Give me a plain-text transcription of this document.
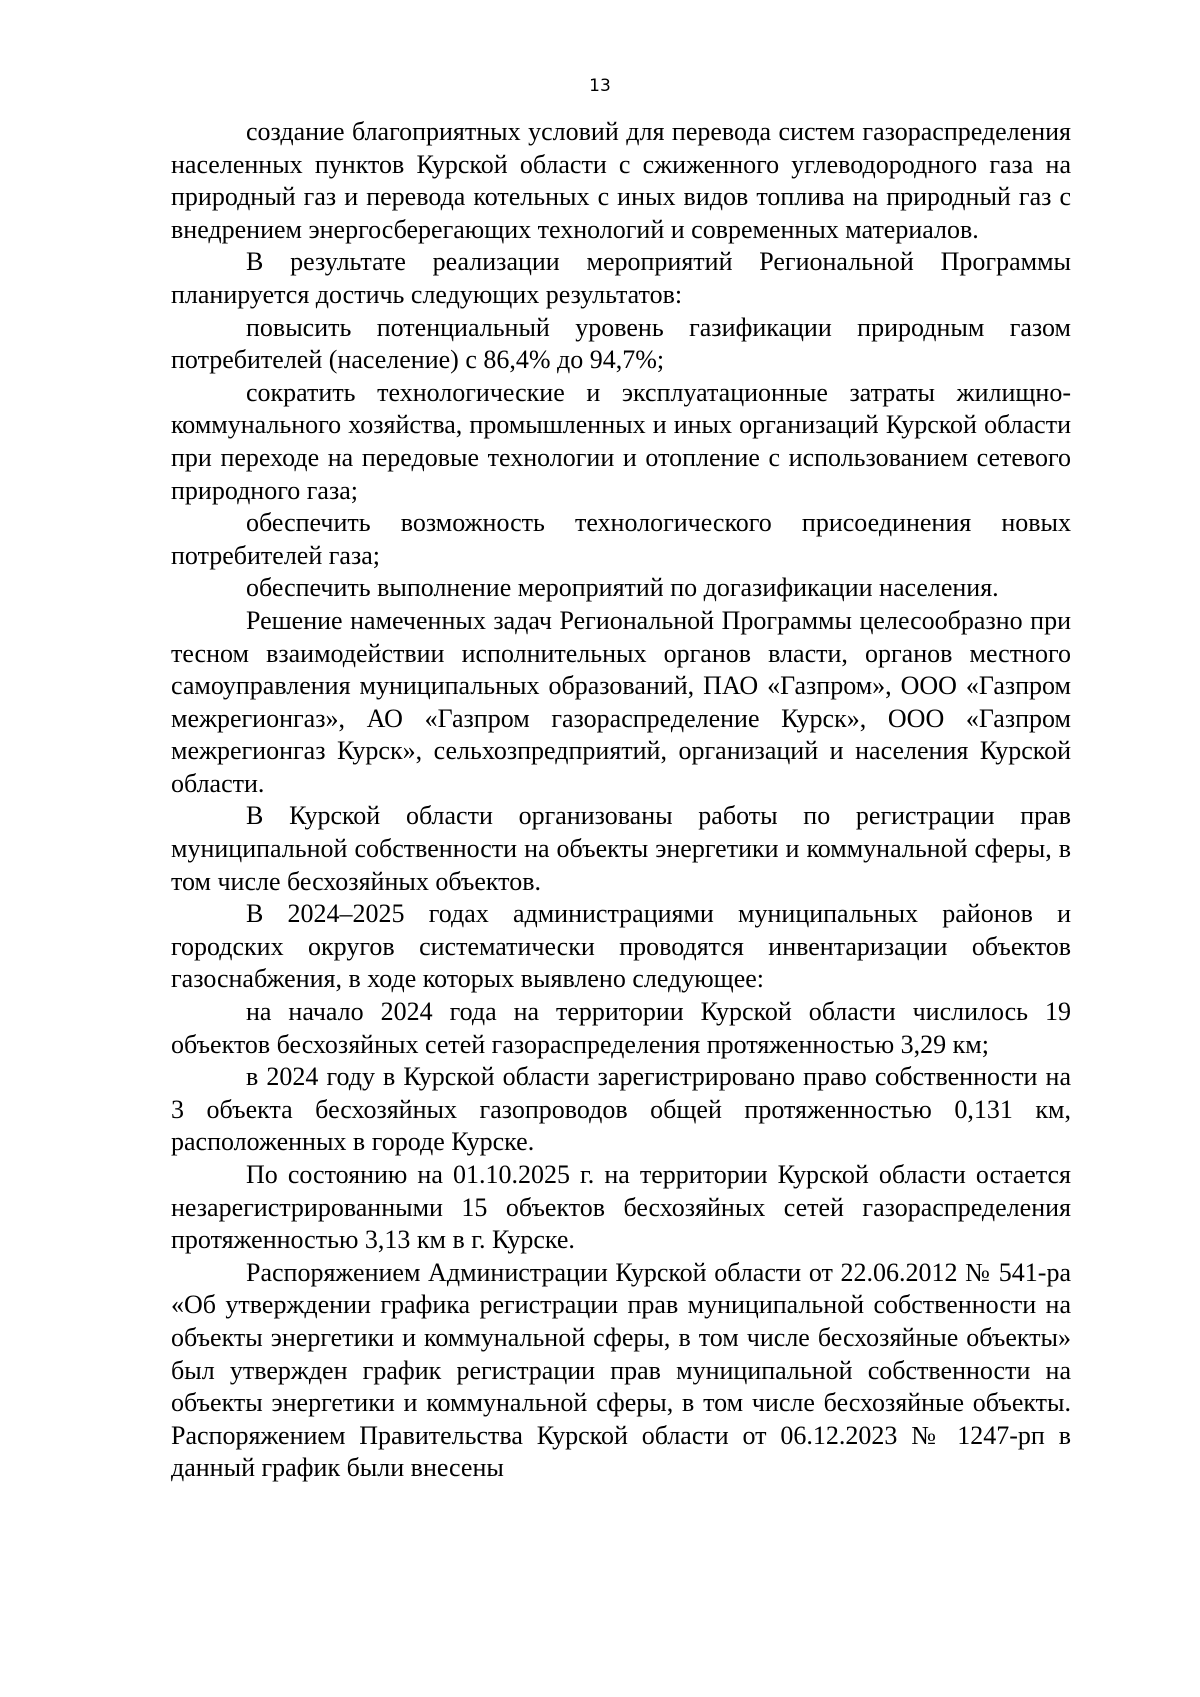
13

создание благоприятных условий для перевода систем газораспределения населенных пунктов Курской области с сжиженного углеводородного газа на природный газ и перевода котельных с иных видов топлива на природный газ с внедрением энергосберегающих технологий и современных материалов.

В результате реализации мероприятий Региональной Программы планируется достичь следующих результатов:

повысить потенциальный уровень газификации природным газом потребителей (население) с 86,4% до 94,7%;

сократить технологические и эксплуатационные затраты жилищно-коммунального хозяйства, промышленных и иных организаций Курской области при переходе на передовые технологии и отопление с использованием сетевого природного газа;

обеспечить возможность технологического присоединения новых потребителей газа;

обеспечить выполнение мероприятий по догазификации населения.

Решение намеченных задач Региональной Программы целесообразно при тесном взаимодействии исполнительных органов власти, органов местного самоуправления муниципальных образований, ПАО «Газпром», ООО «Газпром межрегионгаз», АО «Газпром газораспределение Курск», ООО «Газпром межрегионгаз Курск», сельхозпредприятий, организаций и населения Курской области.

В Курской области организованы работы по регистрации прав муниципальной собственности на объекты энергетики и коммунальной сферы, в том числе бесхозяйных объектов.

В 2024–2025 годах администрациями муниципальных районов и городских округов систематически проводятся инвентаризации объектов газоснабжения, в ходе которых выявлено следующее:

на начало 2024 года на территории Курской области числилось 19 объектов бесхозяйных сетей газораспределения протяженностью 3,29 км;

в 2024 году в Курской области зарегистрировано право собственности на 3 объекта бесхозяйных газопроводов общей протяженностью 0,131 км, расположенных в городе Курске.

По состоянию на 01.10.2025 г. на территории Курской области остается незарегистрированными 15 объектов бесхозяйных сетей газораспределения протяженностью 3,13 км в г. Курске.

Распоряжением Администрации Курской области от 22.06.2012 № 541-ра «Об утверждении графика регистрации прав муниципальной собственности на объекты энергетики и коммунальной сферы, в том числе бесхозяйные объекты» был утвержден график регистрации прав муниципальной собственности на объекты энергетики и коммунальной сферы, в том числе бесхозяйные объекты. Распоряжением Правительства Курской области от 06.12.2023 № 1247-рп в данный график были внесены
